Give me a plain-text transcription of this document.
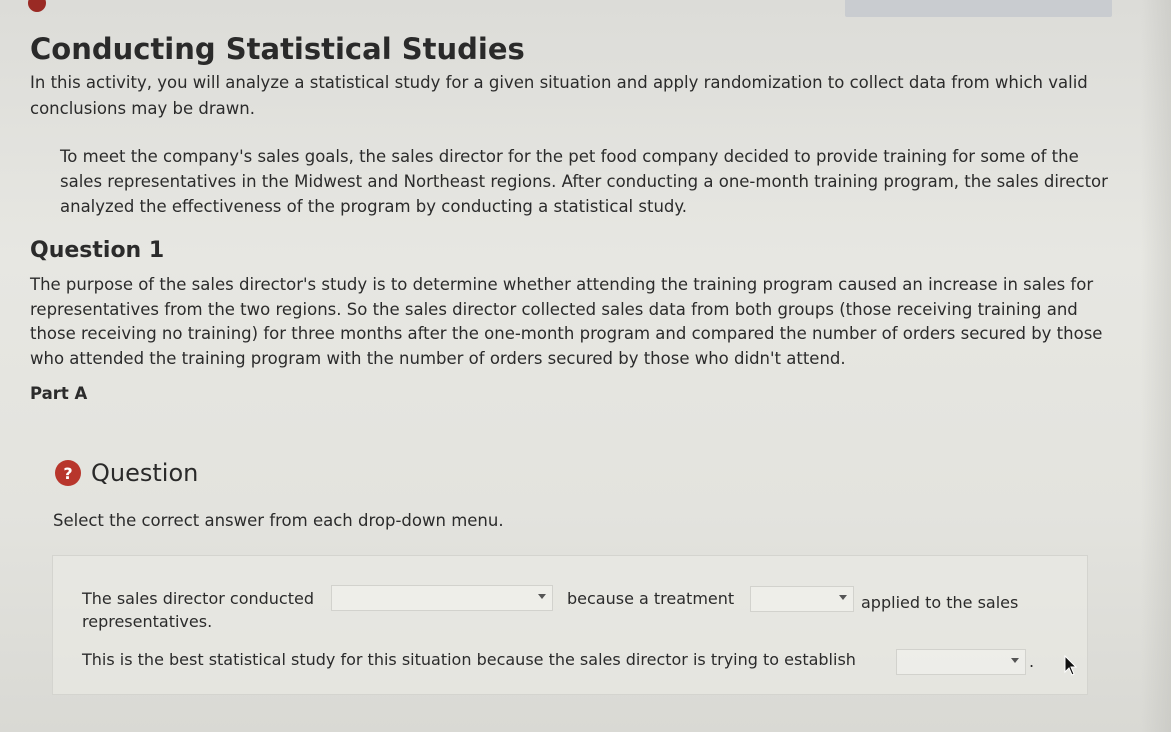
Conducting Statistical Studies

In this activity, you will analyze a statistical study for a given situation and apply randomization to collect data from which valid conclusions may be drawn.

To meet the company's sales goals, the sales director for the pet food company decided to provide training for some of the sales representatives in the Midwest and Northeast regions. After conducting a one-month training program, the sales director analyzed the effectiveness of the program by conducting a statistical study.

Question 1

The purpose of the sales director's study is to determine whether attending the training program caused an increase in sales for representatives from the two regions. So the sales director collected sales data from both groups (those receiving training and those receiving no training) for three months after the one-month program and compared the number of orders secured by those who attended the training program with the number of orders secured by those who didn't attend.

Part A

? Question

Select the correct answer from each drop-down menu.

The sales director conducted	because a treatment	applied to the sales
representatives.
This is the best statistical study for this situation because the sales director is trying to establish	.
